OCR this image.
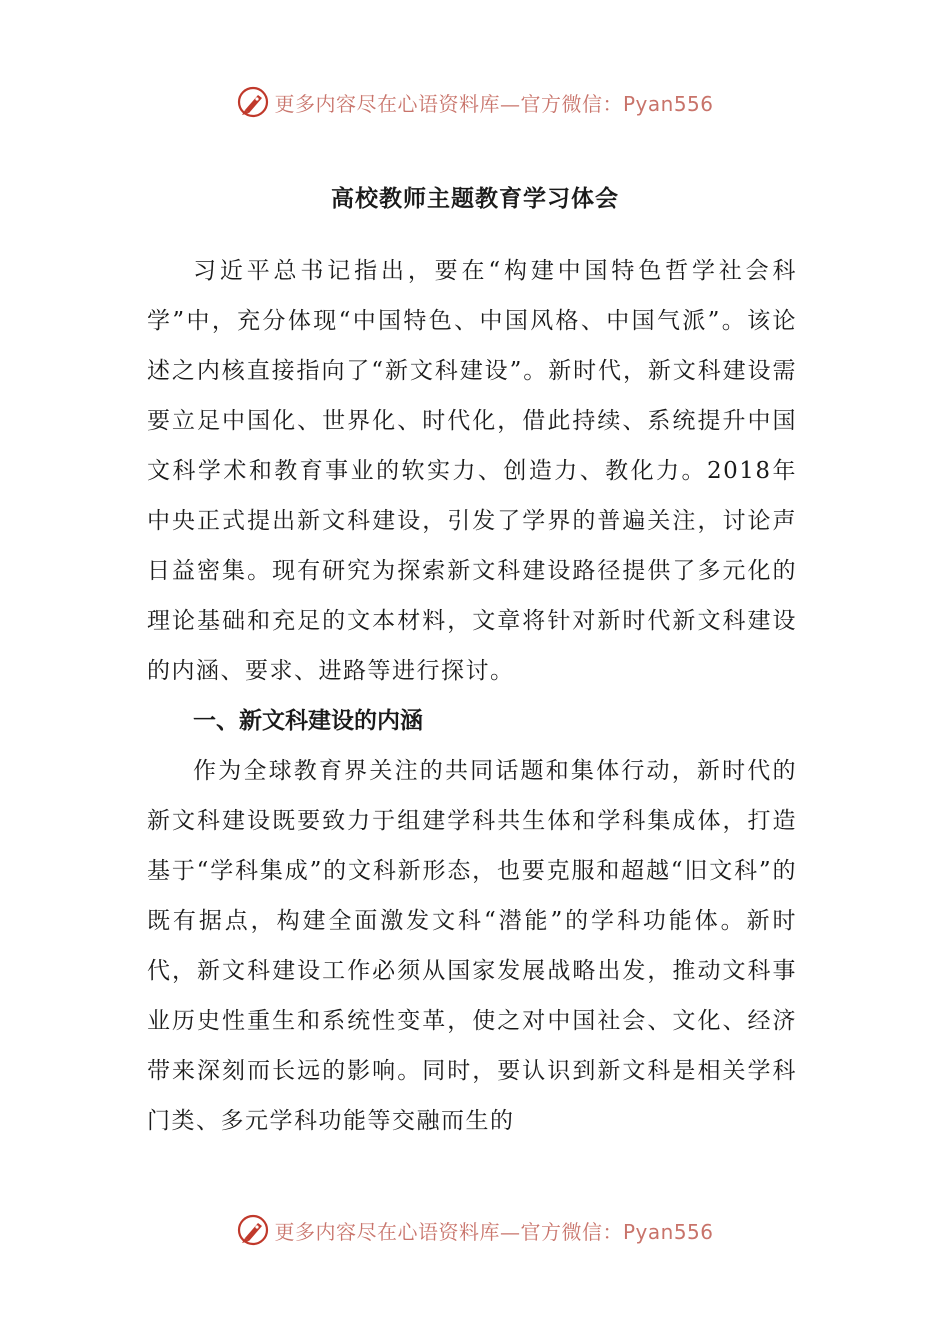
更多内容尽在心语资料库—官方微信：Pyan556
高校教师主题教育学习体会

习近平总书记指出，要在“构建中国特色哲学社会科学”中，充分体现“中国特色、中国风格、中国气派”。该论述之内核直接指向了“新文科建设”。新时代，新文科建设需要立足中国化、世界化、时代化，借此持续、系统提升中国文科学术和教育事业的软实力、创造力、教化力。2018年中央正式提出新文科建设，引发了学界的普遍关注，讨论声日益密集。现有研究为探索新文科建设路径提供了多元化的理论基础和充足的文本材料，文章将针对新时代新文科建设的内涵、要求、进路等进行探讨。

一、新文科建设的内涵

作为全球教育界关注的共同话题和集体行动，新时代的新文科建设既要致力于组建学科共生体和学科集成体，打造基于“学科集成”的文科新形态，也要克服和超越“旧文科”的既有据点，构建全面激发文科“潜能”的学科功能体。新时代，新文科建设工作必须从国家发展战略出发，推动文科事业历史性重生和系统性变革，使之对中国社会、文化、经济带来深刻而长远的影响。同时，要认识到新文科是相关学科门类、多元学科功能等交融而生的

更多内容尽在心语资料库—官方微信：Pyan556
